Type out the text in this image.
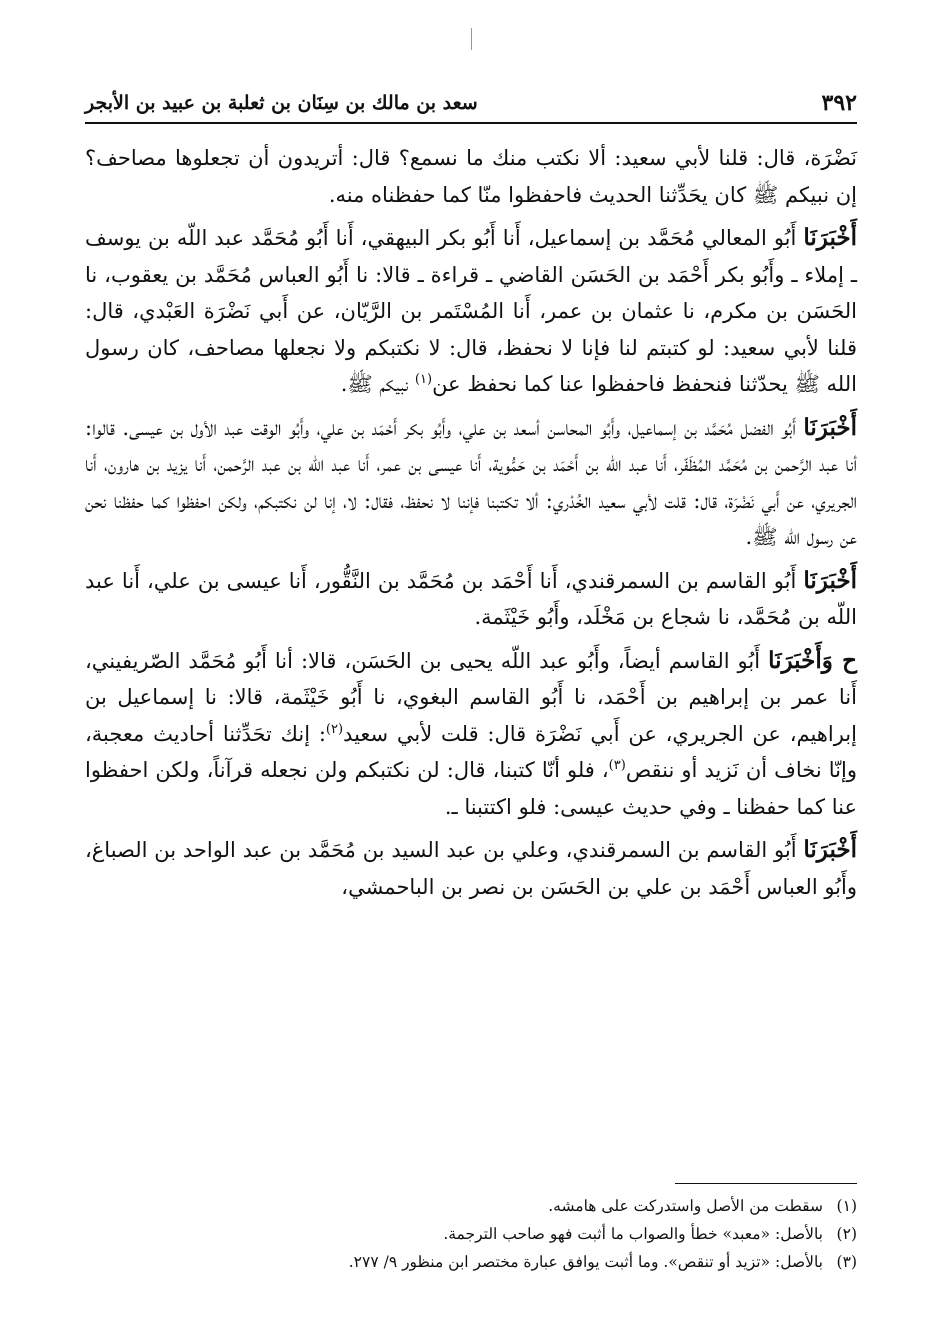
٣٩٢
سعد بن مالك بن سِنَان بن ثعلبة بن عبيد بن الأبجر

نَضْرَة، قال: قلنا لأبي سعيد: ألا نكتب منك ما نسمع؟ قال: أتريدون أن تجعلوها مصاحف؟ إن نبيكم ﷺ كان يحَدِّثنا الحديث فاحفظوا منّا كما حفظناه منه.

أَخْبَرَنَا أَبُو المعالي مُحَمَّد بن إسماعيل، أَنا أَبُو بكر البيهقي، أَنا أَبُو مُحَمَّد عبد اللّه بن يوسف ـ إملاء ـ وأَبُو بكر أَحْمَد بن الحَسَن القاضي ـ قراءة ـ قالا: نا أَبُو العباس مُحَمَّد بن يعقوب، نا الحَسَن بن مكرم، نا عثمان بن عمر، أَنا المُسْتَمر بن الرَّيّان، عن أَبي نَضْرَة العَبْدي، قال: قلنا لأبي سعيد: لو كتبتم لنا فإنا لا نحفظ، قال: لا نكتبكم ولا نجعلها مصاحف، كان رسول الله ﷺ يحدّثنا فنحفظ فاحفظوا عنا كما نحفظ عن$^{(١)}$ نبيكم ﷺ.

أَخْبَرَنَا أَبُو الفضل مُحَمَّد بن إسماعيل، وأَبُو المحاسن أسعد بن علي، وأَبُو بكر أَحْمَد بن علي، وأَبُو الوقت عبد الأول بن عيسى. قالوا: أنا عبد الرَّحمن بن مُحَمَّد المُظَفّر، أَنا عبد اللّه بن أَحْمَد بن حَمُّوية، أَنا عيسى بن عمر، أَنا عبد اللّه بن عبد الرَّحمن، أَنا يزيد بن هارون، أَنا الجريري، عن أَبي نَضْرَة، قال: قلت لأبي سعيد الخُدْري: ألا تكتبنا فإننا لا نحفظ، فقال: لا، إنا لن نكتبكم، ولكن احفظوا كما حفظنا نحن عن رسول الله ﷺ.

أَخْبَرَنَا أَبُو القاسم بن السمرقندي، أَنا أَحْمَد بن مُحَمَّد بن النَّقُّور، أَنا عيسى بن علي، أَنا عبد اللّه بن مُحَمَّد، نا شجاع بن مَخْلَد، وأَبُو خَيْثَمة.

ح وَأَخْبَرَنَا أَبُو القاسم أيضاً، وأَبُو عبد اللّه يحيى بن الحَسَن، قالا: أنا أَبُو مُحَمَّد الصّريفيني، أَنا عمر بن إبراهيم بن أَحْمَد، نا أَبُو القاسم البغوي، نا أَبُو خَيْثَمة، قالا: نا إسماعيل بن إبراهيم، عن الجريري، عن أَبي نَضْرَة قال: قلت لأبي سعيد$^{(٢)}$: إنك تحَدِّثنا أحاديث معجبة، وإنّا نخاف أن نَزيد أو ننقص$^{(٣)}$، فلو أنّا كتبنا، قال: لن نكتبكم ولن نجعله قرآناً، ولكن احفظوا عنا كما حفظنا ـ وفي حديث عيسى: فلو اكتتبنا ـ.

أَخْبَرَنَا أَبُو القاسم بن السمرقندي، وعلي بن عبد السيد بن مُحَمَّد بن عبد الواحد بن الصباغ، وأَبُو العباس أَحْمَد بن علي بن الحَسَن بن نصر بن الباحمشي،

(١)سقطت من الأصل واستدركت على هامشه.
(٢)بالأصل: «معبد» خطأ والصواب ما أثبت فهو صاحب الترجمة.
(٣)بالأصل: «تزيد أو تنقص». وما أثبت يوافق عبارة مختصر ابن منظور ٩/ ٢٧٧.
